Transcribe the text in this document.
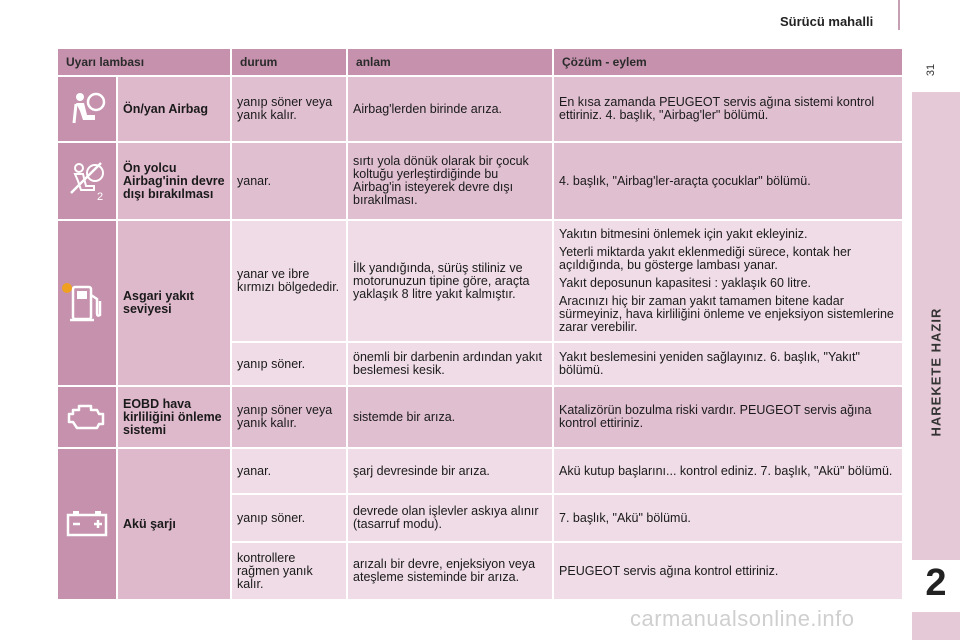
Sürücü mahalli
31
2
Uyarı lambası		durum	anlam	Çözüm - eylem
	Ön/yan Airbag	yanıp söner veya yanık kalır.	Airbag'lerden birinde arıza.	En kısa zamanda PEUGEOT servis ağına sistemi kontrol ettiriniz. 4. başlık, "Airbag'ler" bölümü.

2	Ön yolcu Airbag'inin devre dışı bırakılması	yanar.	sırtı yola dönük olarak bir çocuk koltuğu yerleştirdiğinde bu Airbag'in isteyerek devre dışı bırakılması.	4. başlık, "Airbag'ler-araçta çocuklar" bölümü.

	Asgari yakıt seviyesi	yanar ve ibre kırmızı bölgededir.	İlk yandığında, sürüş stiliniz ve motorunuzun tipine göre, araçta yaklaşık 8 litre yakıt kalmıştır.	Yakıtın bitmesini önlemek için yakıt ekleyiniz.

Yeterli miktarda yakıt eklenmediği sürece, kontak her açıldığında, bu gösterge lambası yanar.

Yakıt deposunun kapasitesi : yaklaşık 60 litre.

Aracınızı hiç bir zaman yakıt tamamen bitene kadar sürmeyiniz, hava kirliliğini önleme ve enjeksiyon sistemlerine zarar verebilir.

		yanıp söner.	önemli bir darbenin ardından yakıt beslemesi kesik.	Yakıt beslemesini yeniden sağlayınız. 6. başlık, "Yakıt" bölümü.

	EOBD hava kirliliğini önleme sistemi	yanıp söner veya yanık kalır.	sistemde bir arıza.	Katalizörün bozulma riski vardır. PEUGEOT servis ağına kontrol ettiriniz.

	Akü şarjı	yanar.	şarj devresinde bir arıza.	Akü kutup başlarını... kontrol ediniz. 7. başlık, "Akü" bölümü.

		yanıp söner.	devrede olan işlevler askıya alınır (tasarruf modu).	7. başlık, "Akü" bölümü.

		kontrollere rağmen yanık kalır.	arızalı bir devre, enjeksiyon veya ateşleme sisteminde bir arıza.	PEUGEOT servis ağına kontrol ettiriniz.

carmanualsonline.info
